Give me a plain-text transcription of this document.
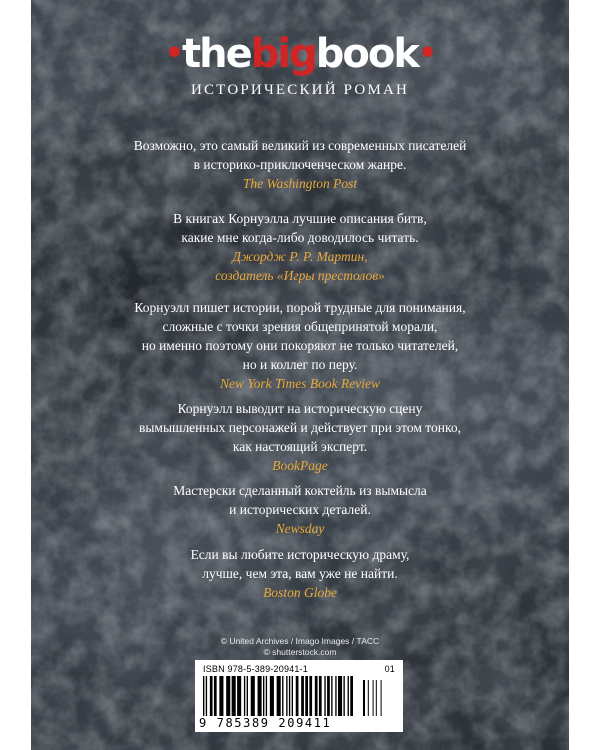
•thebigbook•
ИСТОРИЧЕСКИЙ РОМАН
Возможно, это самый великий из современных писателей
в историко-приключенческом жанре.
The Washington Post
В книгах Корнуэлла лучшие описания битв,
какие мне когда-либо доводилось читать.
Джордж Р. Р. Мартин,
создатель «Игры престолов»
Корнуэлл пишет истории, порой трудные для понимания,
сложные с точки зрения общепринятой морали,
но именно поэтому они покоряют не только читателей,
но и коллег по перу.
New York Times Book Review
Корнуэлл выводит на историческую сцену
вымышленных персонажей и действует при этом тонко,
как настоящий эксперт.
BookPage
Мастерски сделанный коктейль из вымысла
и исторических деталей.
Newsday
Если вы любите историческую драму,
лучше, чем эта, вам уже не найти.
Boston Globe
© United Archives / Imago Images / ТАСС
© shutterstock.com
ISBN 978-5-389-20941-1	01
9 785389 209411
